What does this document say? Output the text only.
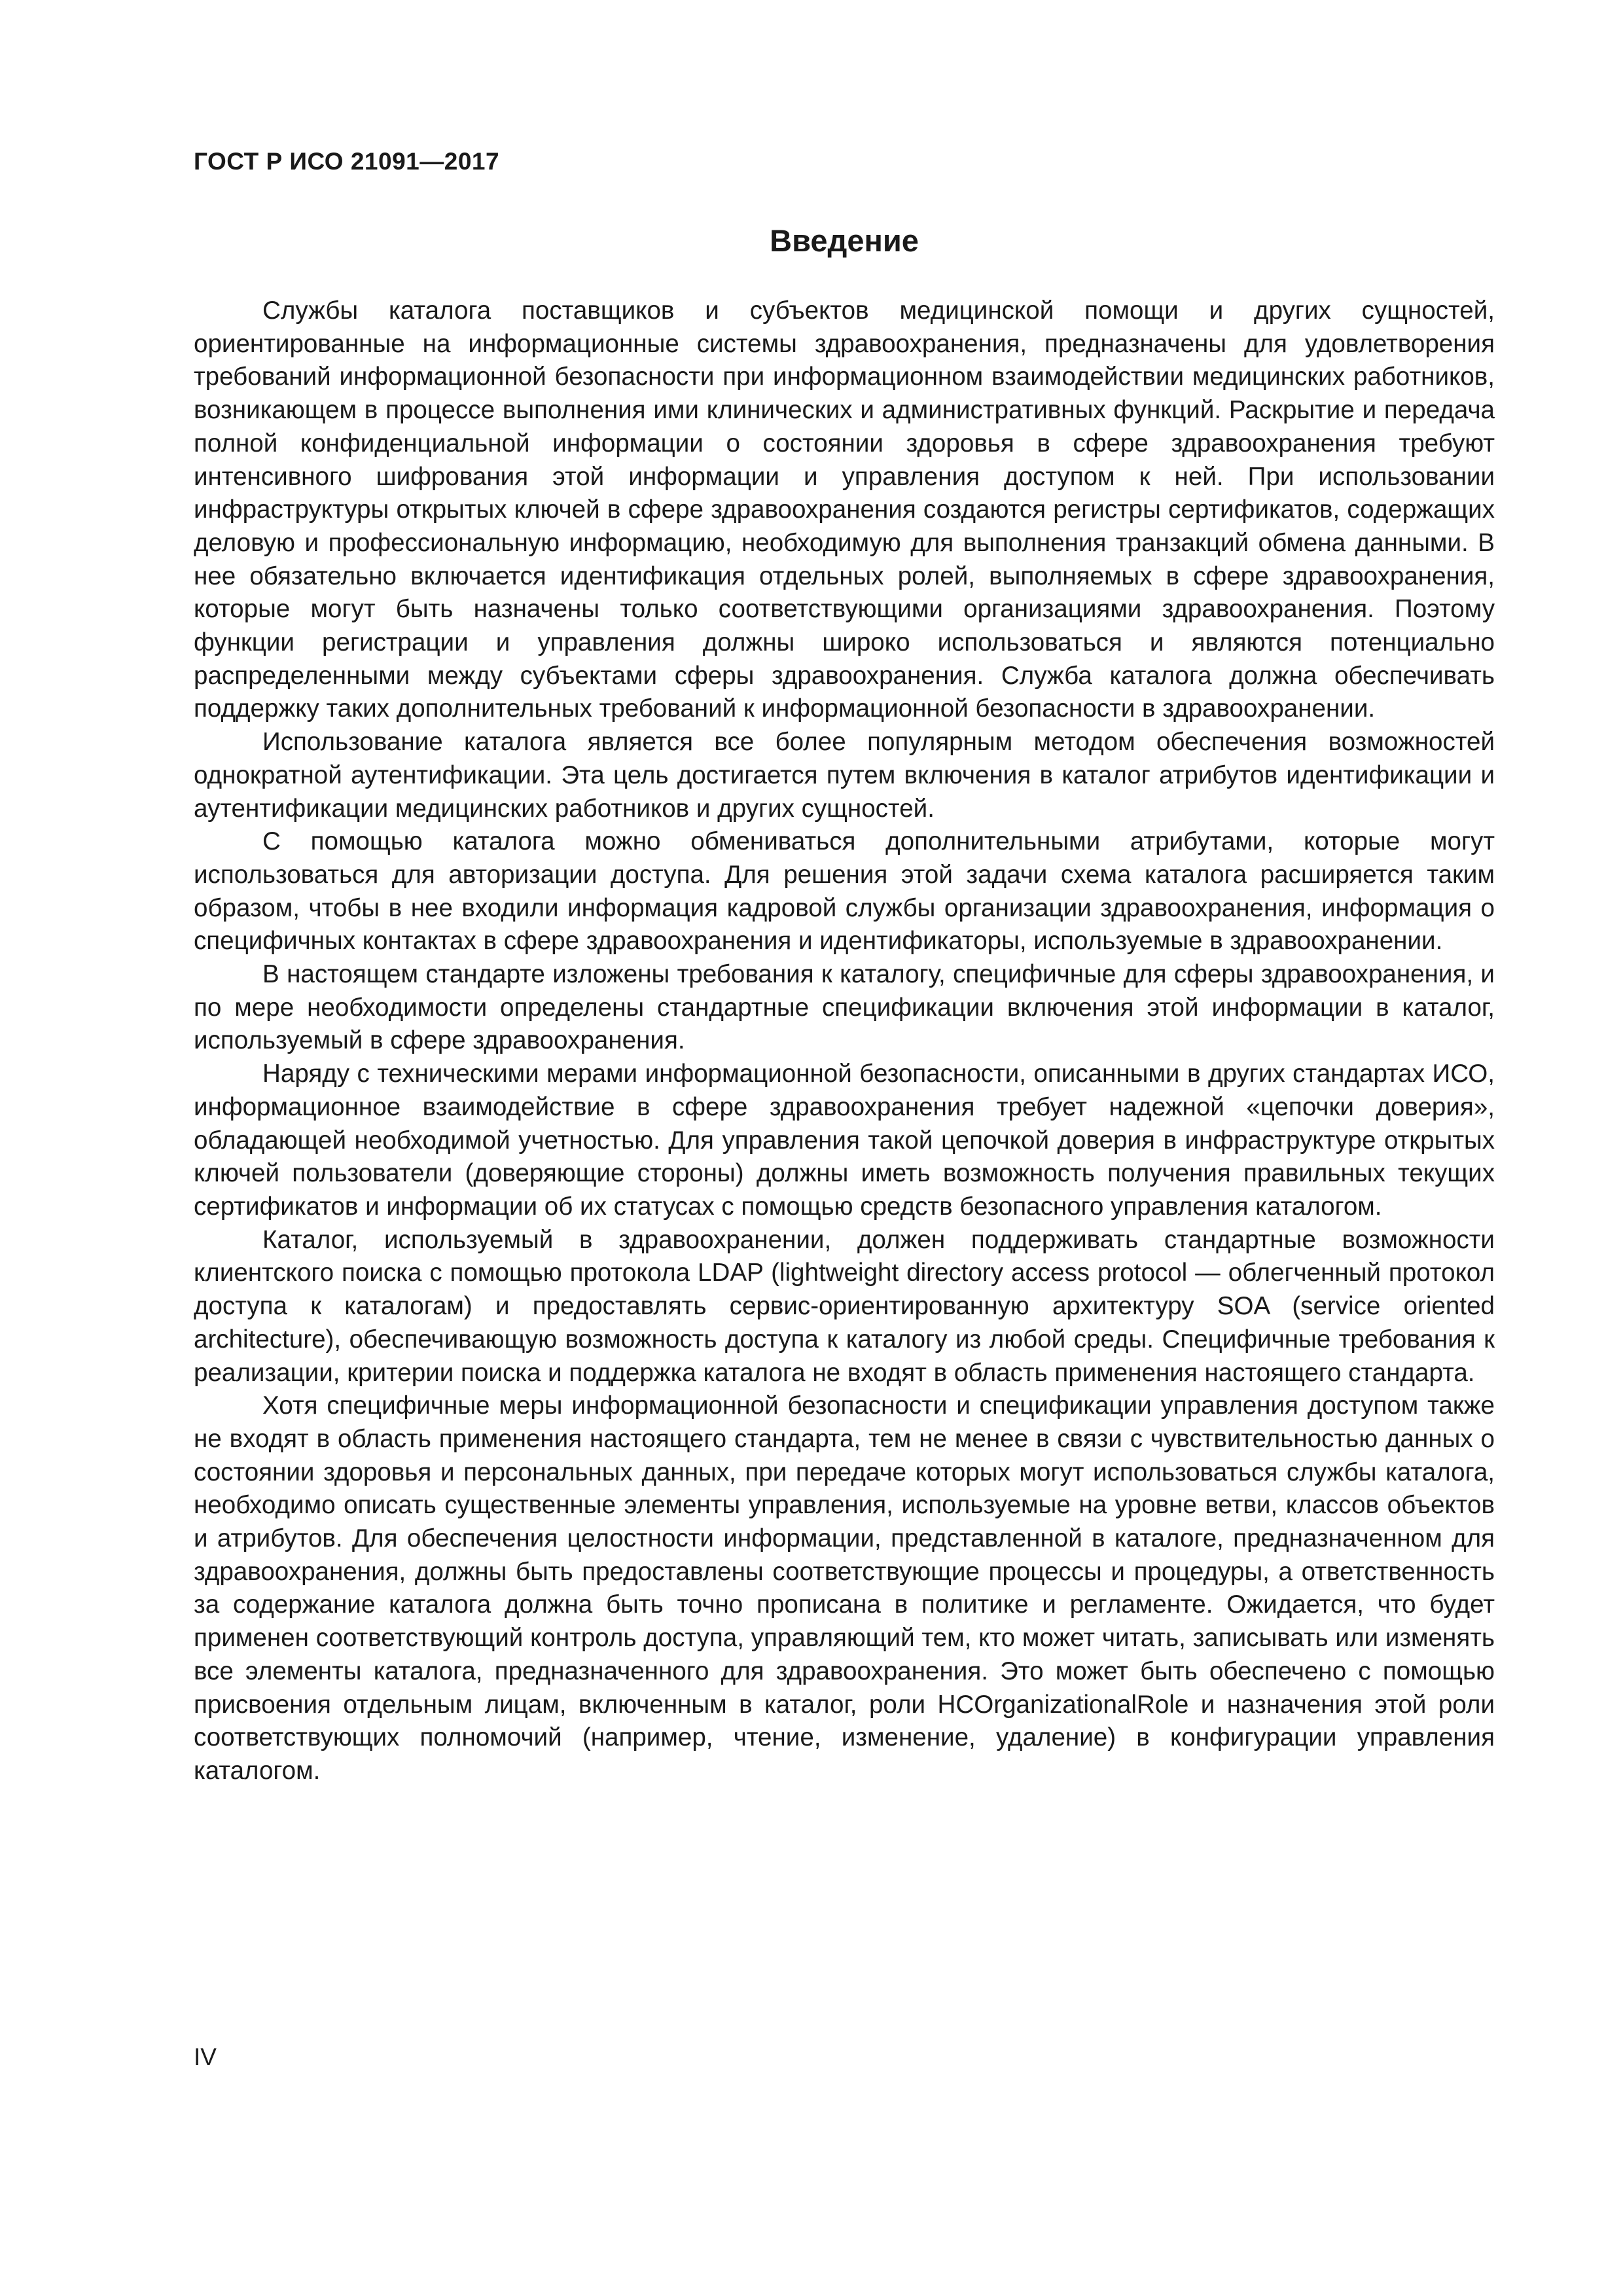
ГОСТ Р ИСО 21091—2017
Введение

Службы каталога поставщиков и субъектов медицинской помощи и других сущностей, ориентированные на информационные системы здравоохранения, предназначены для удовлетворения требований информационной безопасности при информационном взаимодействии медицинских работников, возникающем в процессе выполнения ими клинических и административных функций. Раскрытие и передача полной конфиденциальной информации о состоянии здоровья в сфере здравоохранения требуют интенсивного шифрования этой информации и управления доступом к ней. При использовании инфраструктуры открытых ключей в сфере здравоохранения создаются регистры сертификатов, содержащих деловую и профессиональную информацию, необходимую для выполнения транзакций обмена данными. В нее обязательно включается идентификация отдельных ролей, выполняемых в сфере здравоохранения, которые могут быть назначены только соответствующими организациями здравоохранения. Поэтому функции регистрации и управления должны широко использоваться и являются потенциально распределенными между субъектами сферы здравоохранения. Служба каталога должна обеспечивать поддержку таких дополнительных требований к информационной безопасности в здравоохранении.

Использование каталога является все более популярным методом обеспечения возможностей однократной аутентификации. Эта цель достигается путем включения в каталог атрибутов идентификации и аутентификации медицинских работников и других сущностей.

С помощью каталога можно обмениваться дополнительными атрибутами, которые могут использоваться для авторизации доступа. Для решения этой задачи схема каталога расширяется таким образом, чтобы в нее входили информация кадровой службы организации здравоохранения, информация о специфичных контактах в сфере здравоохранения и идентификаторы, используемые в здравоохранении.

В настоящем стандарте изложены требования к каталогу, специфичные для сферы здравоохранения, и по мере необходимости определены стандартные спецификации включения этой информации в каталог, используемый в сфере здравоохранения.

Наряду с техническими мерами информационной безопасности, описанными в других стандартах ИСО, информационное взаимодействие в сфере здравоохранения требует надежной «цепочки доверия», обладающей необходимой учетностью. Для управления такой цепочкой доверия в инфраструктуре открытых ключей пользователи (доверяющие стороны) должны иметь возможность получения правильных текущих сертификатов и информации об их статусах с помощью средств безопасного управления каталогом.

Каталог, используемый в здравоохранении, должен поддерживать стандартные возможности клиентского поиска с помощью протокола LDAP (lightweight directory access protocol — облегченный протокол доступа к каталогам) и предоставлять сервис-ориентированную архитектуру SOA (service oriented architecture), обеспечивающую возможность доступа к каталогу из любой среды. Специфичные требования к реализации, критерии поиска и поддержка каталога не входят в область применения настоящего стандарта.

Хотя специфичные меры информационной безопасности и спецификации управления доступом также не входят в область применения настоящего стандарта, тем не менее в связи с чувствительностью данных о состоянии здоровья и персональных данных, при передаче которых могут использоваться службы каталога, необходимо описать существенные элементы управления, используемые на уровне ветви, классов объектов и атрибутов. Для обеспечения целостности информации, представленной в каталоге, предназначенном для здравоохранения, должны быть предоставлены соответствующие процессы и процедуры, а ответственность за содержание каталога должна быть точно прописана в политике и регламенте. Ожидается, что будет применен соответствующий контроль доступа, управляющий тем, кто может читать, записывать или изменять все элементы каталога, предназначенного для здравоохранения. Это может быть обеспечено с помощью присвоения отдельным лицам, включенным в каталог, роли HCOrganizationalRole и назначения этой роли соответствующих полномочий (например, чтение, изменение, удаление) в конфигурации управления каталогом.

IV
